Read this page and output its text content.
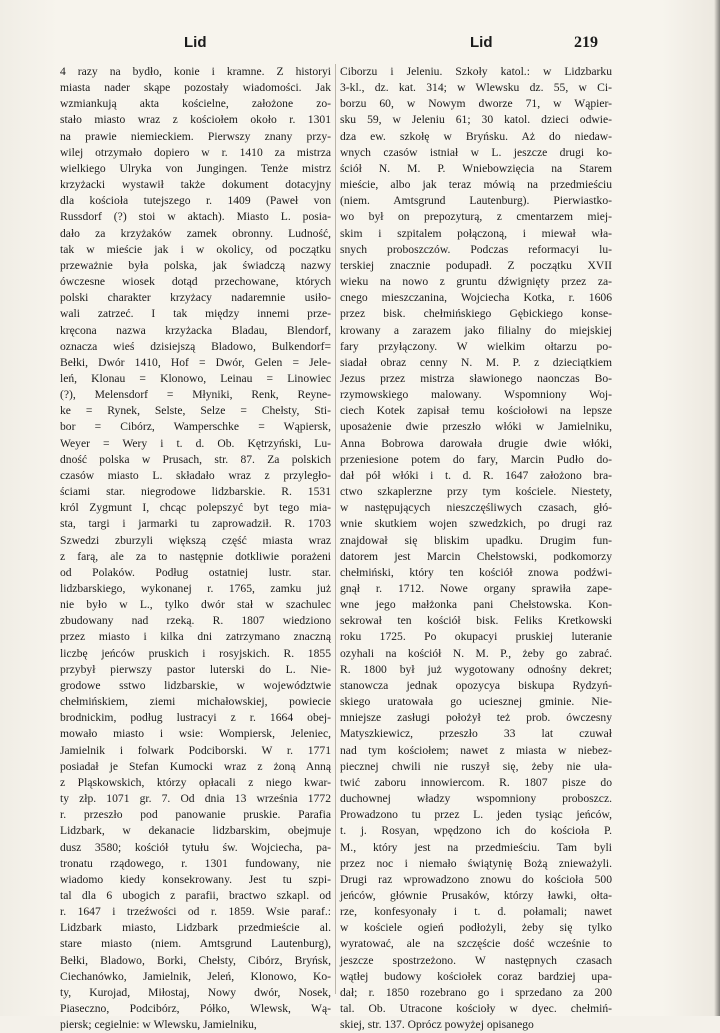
Lid	Lid	219
4 razy na bydło, konie i kramne. Z historyi
miasta nader skąpe pozostały wiadomości. Jak
wzmiankują akta kościelne, założone zo-
stało miasto wraz z kościołem około r. 1301
na prawie niemieckiem. Pierwszy znany przy-
wilej otrzymało dopiero w r. 1410 za mistrza
wielkiego Ulryka von Jungingen. Tenże mistrz
krzyżacki wystawił także dokument dotacyjny
dla kościoła tutejszego r. 1409 (Paweł von
Russdorf (?) stoi w aktach). Miasto L. posia-
dało za krzyżaków zamek obronny. Ludność,
tak w mieście jak i w okolicy, od początku
przeważnie była polska, jak świadczą nazwy
ówczesne wiosek dotąd przechowane, których
polski charakter krzyżacy nadaremnie usiło-
wali zatrzeć. I tak między innemi prze-
kręcona nazwa krzyżacka Bladau, Blendorf,
oznacza wieś dzisiejszą Bladowo, Bulkendorf=
Bełki, Dwór 1410, Hof = Dwór, Gelen = Jele-
leń, Klonau = Klonowo, Leinau = Linowiec
(?), Melensdorf = Młyniki, Renk, Reyne-
ke = Rynek, Selste, Selze = Chełsty, Sti-
bor = Cibórz, Wamperschke = Wąpiersk,
Weyer = Wery i t. d. Ob. Kętrzyński, Lu-
dność polska w Prusach, str. 87. Za polskich
czasów miasto L. składało wraz z przyległo-
ściami star. niegrodowe lidzbarskie. R. 1531
król Zygmunt I, chcąc polepszyć byt tego mia-
sta, targi i jarmarki tu zaprowadził. R. 1703
Szwedzi zburzyli większą część miasta wraz
z farą, ale za to następnie dotkliwie porażeni
od Polaków. Podług ostatniej lustr. star.
lidzbarskiego, wykonanej r. 1765, zamku już
nie było w L., tylko dwór stał w szachulec
zbudowany nad rzeką. R. 1807 wiedziono
przez miasto i kilka dni zatrzymano znaczną
liczbę jeńców pruskich i rosyjskich. R. 1855
przybył pierwszy pastor luterski do L. Nie-
grodowe sstwo lidzbarskie, w województwie
chełmińskiem, ziemi michałowskiej, powiecie
brodnickim, podług lustracyi z r. 1664 obej-
mowało miasto i wsie: Wompiersk, Jeleniec,
Jamielnik i folwark Podciborski. W r. 1771
posiadał je Stefan Kumocki wraz z żoną Anną
z Pląskowskich, którzy opłacali z niego kwar-
ty złp. 1071 gr. 7. Od dnia 13 września 1772
r. przeszło pod panowanie pruskie. Parafia
Lidzbark, w dekanacie lidzbarskim, obejmuje
dusz 3580; kościół tytułu św. Wojciecha, pa-
tronatu rządowego, r. 1301 fundowany, nie
wiadomo kiedy konsekrowany. Jest tu szpi-
tal dla 6 ubogich z parafii, bractwo szkapl. od
r. 1647 i trzeźwości od r. 1859. Wsie paraf.:
Lidzbark miasto, Lidzbark przedmieście al.
stare miasto (niem. Amtsgrund Lautenburg),
Bełki, Bladowo, Borki, Chełsty, Cibórz, Bryńsk,
Ciechanówko, Jamielnik, Jeleń, Klonowo, Ko-
ty, Kurojad, Miłostaj, Nowy dwór, Nosek,
Piaseczno, Podcibórz, Półko, Wlewsk, Wą-
piersk; cegielnie: w Wlewsku, Jamielniku,
Ciborzu i Jeleniu. Szkoły katol.: w Lidzbarku
3-kl., dz. kat. 314; w Wlewsku dz. 55, w Ci-
borzu 60, w Nowym dworze 71, w Wąpier-
sku 59, w Jeleniu 61; 30 katol. dzieci odwie-
dza ew. szkołę w Bryńsku. Aż do niedaw-
wnych czasów istniał w L. jeszcze drugi ko-
ściół N. M. P. Wniebowzięcia na Starem
mieście, albo jak teraz mówią na przedmieściu
(niem. Amtsgrund Lautenburg). Pierwiastko-
wo był on prepozyturą, z cmentarzem miej-
skim i szpitalem połączoną, i miewał wła-
snych proboszczów. Podczas reformacyi lu-
terskiej znacznie podupadł. Z początku XVII
wieku na nowo z gruntu dźwignięty przez za-
cnego mieszczanina, Wojciecha Kotka, r. 1606
przez bisk. chełmińskiego Gębickiego konse-
krowany a zarazem jako filialny do miejskiej
fary przyłączony. W wielkim ołtarzu po-
siadał obraz cenny N. M. P. z dzieciątkiem
Jezus przez mistrza sławionego naonczas Bo-
rzymowskiego malowany. Wspomniony Woj-
ciech Kotek zapisał temu kościołowi na lepsze
uposażenie dwie przeszło włóki w Jamielniku,
Anna Bobrowa darowała drugie dwie włóki,
przeniesione potem do fary, Marcin Pudło do-
dał pół włóki i t. d. R. 1647 założono bra-
ctwo szkaplerzne przy tym kościele. Niestety,
w następujących nieszczęśliwych czasach, głó-
wnie skutkiem wojen szwedzkich, po drugi raz
znajdował się bliskim upadku. Drugim fun-
datorem jest Marcin Chełstowski, podkomorzy
chełmiński, który ten kościół znowa podźwi-
gnął r. 1712. Nowe organy sprawiła zape-
wne jego małżonka pani Chełstowska. Kon-
sekrował ten kościół bisk. Feliks Kretkowski
roku 1725. Po okupacyi pruskiej luteranie
ozyhali na kościół N. M. P., żeby go zabrać.
R. 1800 był już wygotowany odnośny dekret;
stanowcza jednak opozycya biskupa Rydzyń-
skiego uratowała go uciesznej gminie. Nie-
mniejsze zasługi położył też prob. ówczesny
Matyszkiewicz, przeszło 33 lat czuwał
nad tym kościołem; nawet z miasta w niebez-
piecznej chwili nie ruszył się, żeby nie uła-
twić zaboru innowiercom. R. 1807 pisze do
duchownej władzy wspomniony proboszcz.
Prowadzono tu przez L. jeden tysiąc jeńców,
t. j. Rosyan, wpędzono ich do kościoła P.
M., który jest na przedmieściu. Tam byli
przez noc i niemało świątynię Bożą znieważyli.
Drugi raz wprowadzono znowu do kościoła 500
jeńców, głównie Prusaków, którzy ławki, ołta-
rze, konfesyonały i t. d. połamali; nawet
w kościele ogień podłożyli, żeby się tylko
wyratować, ale na szczęście dość wcześnie to
jeszcze spostrzeżono. W następnych czasach
wątłej budowy kościołek coraz bardziej upa-
dał; r. 1850 rozebrano go i sprzedano za 200
tal. Ob. Utracone kościoły w dyec. chełmiń-
skiej, str. 137. Oprócz powyżej opisanego
